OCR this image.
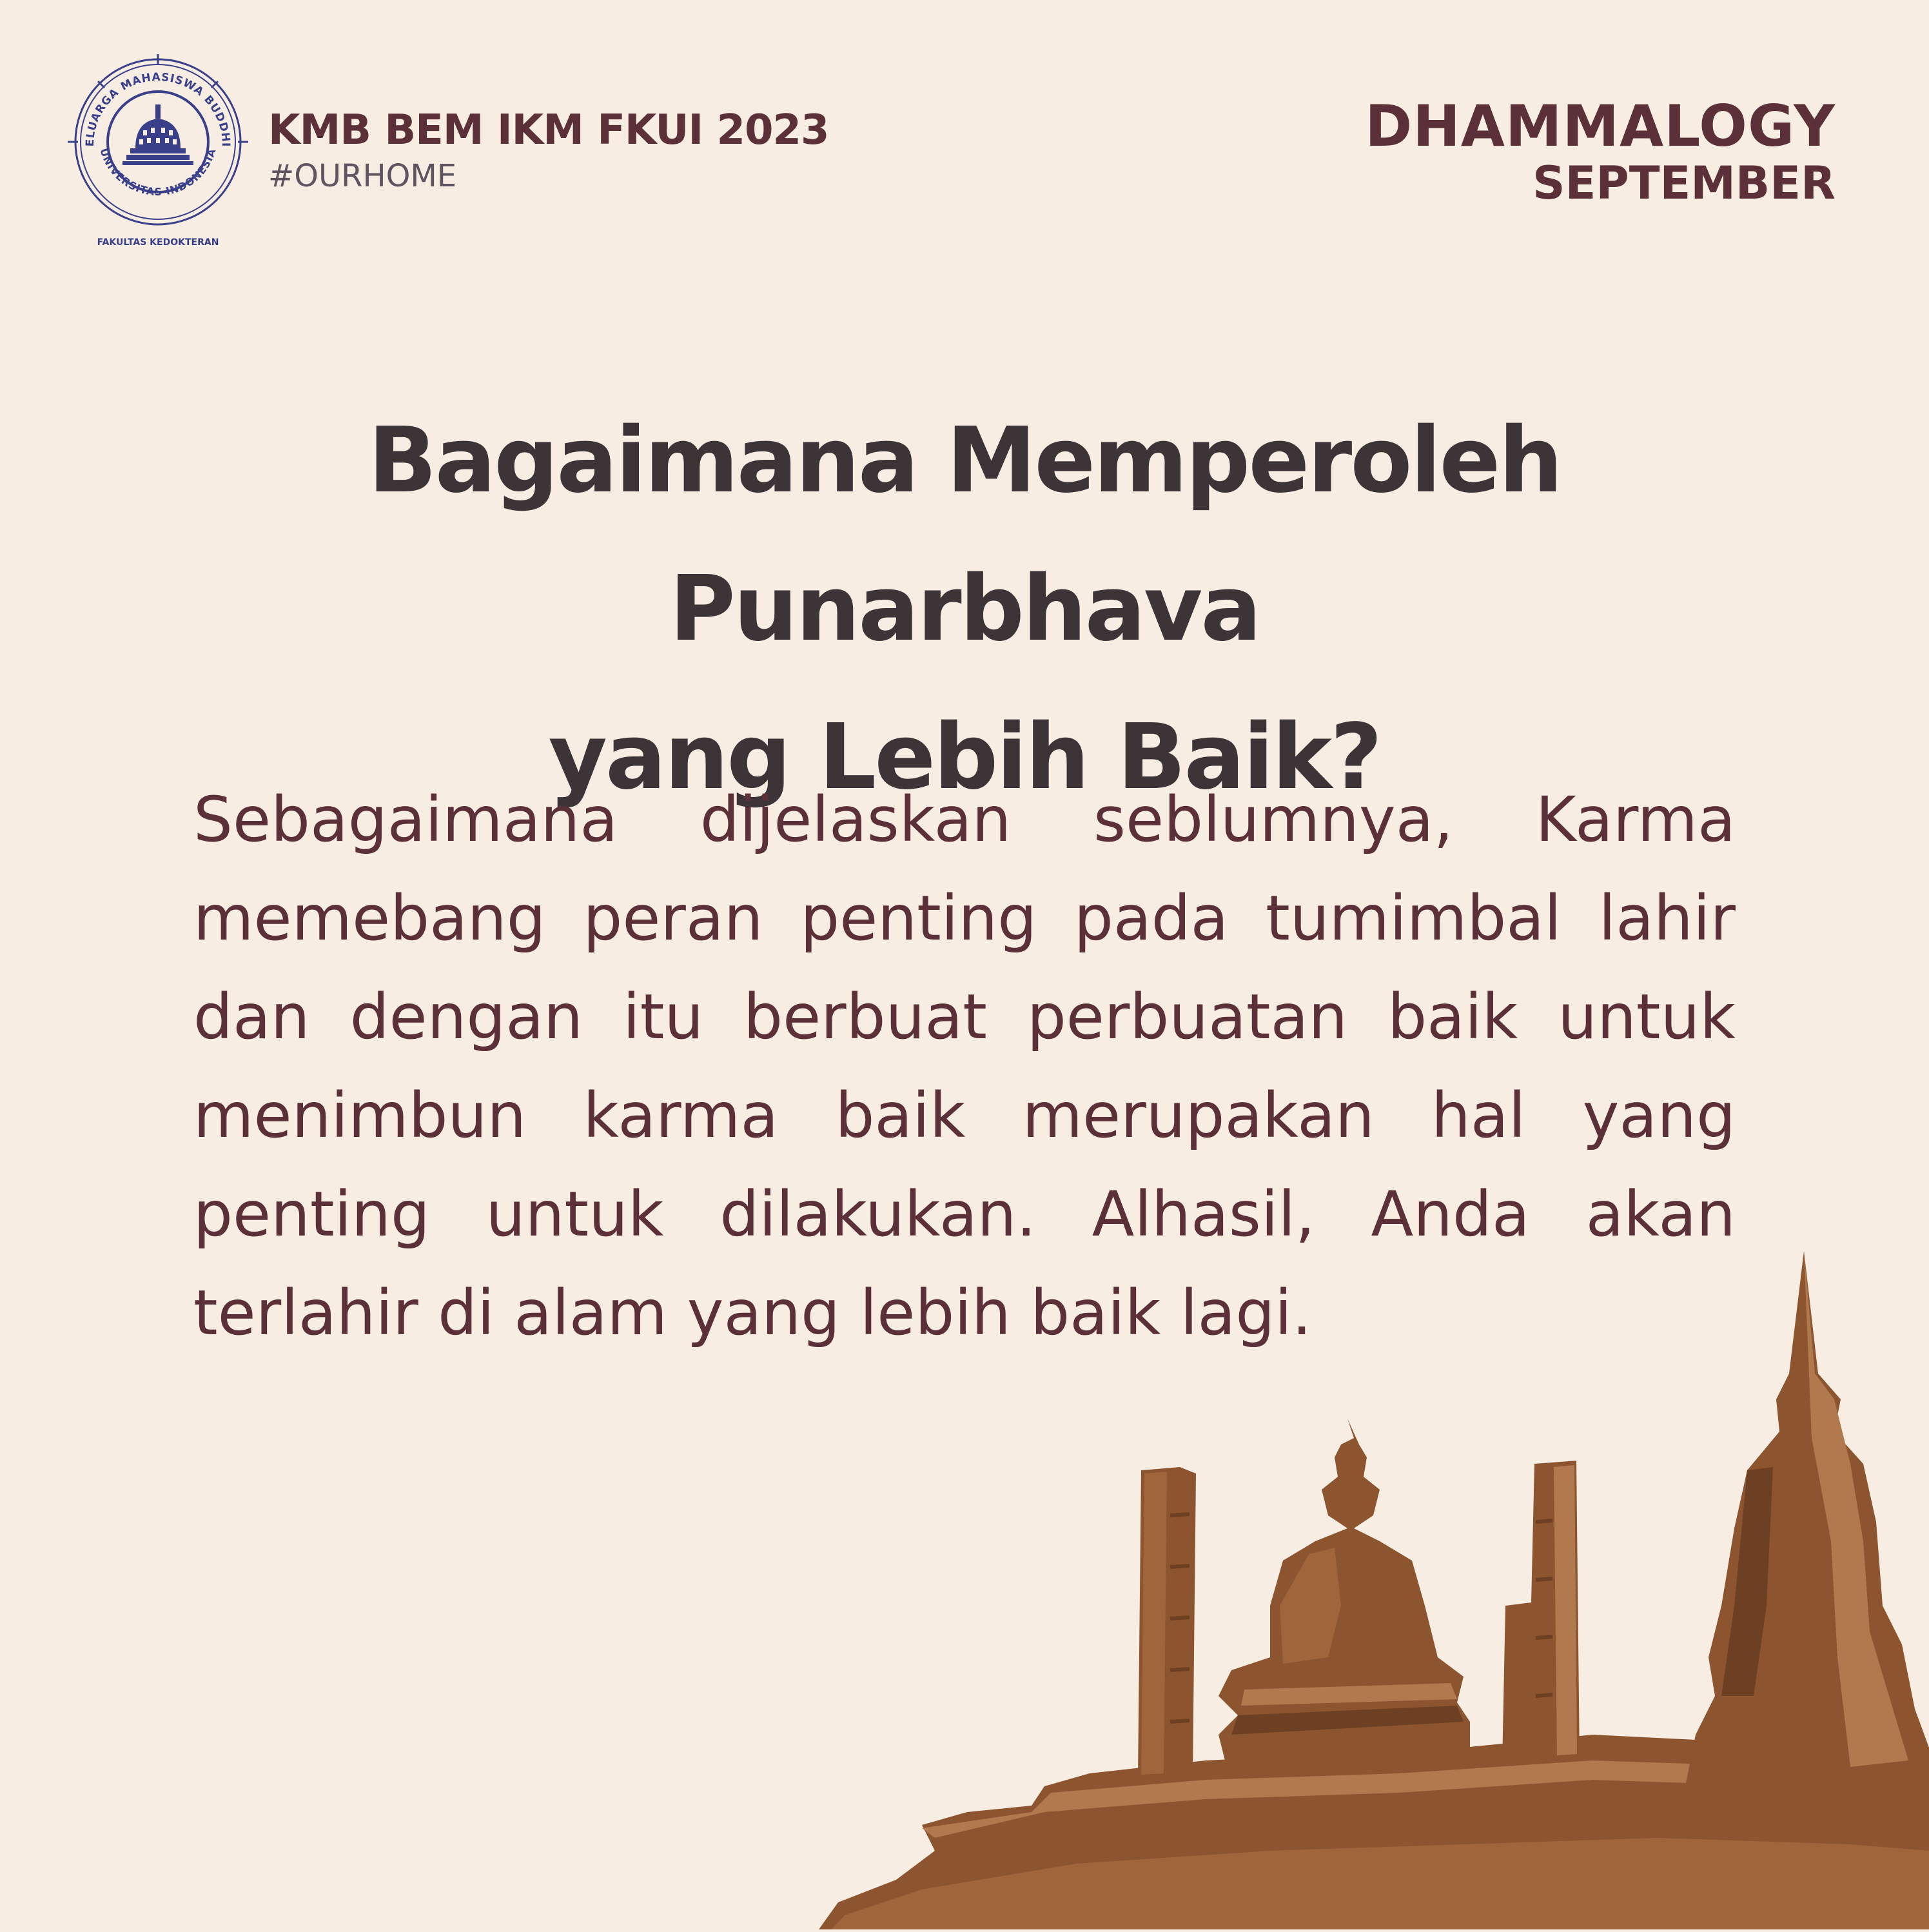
ELUARGA MAHASISWA BUDDHI
UNIVERSITAS INDONESIA
FAKULTAS KEDOKTERAN
KMB BEM IKM FKUI 2023
#OURHOME
DHAMMALOGY
SEPTEMBER
Bagaimana Memperoleh Punarbhava
yang Lebih Baik?

Sebagaimana dijelaskan seblumnya, Karma memebang peran penting pada tumimbal lahir dan dengan itu berbuat perbuatan baik untuk menimbun karma baik merupakan hal yang penting untuk dilakukan. Alhasil, Anda akan terlahir di alam yang lebih baik lagi.
